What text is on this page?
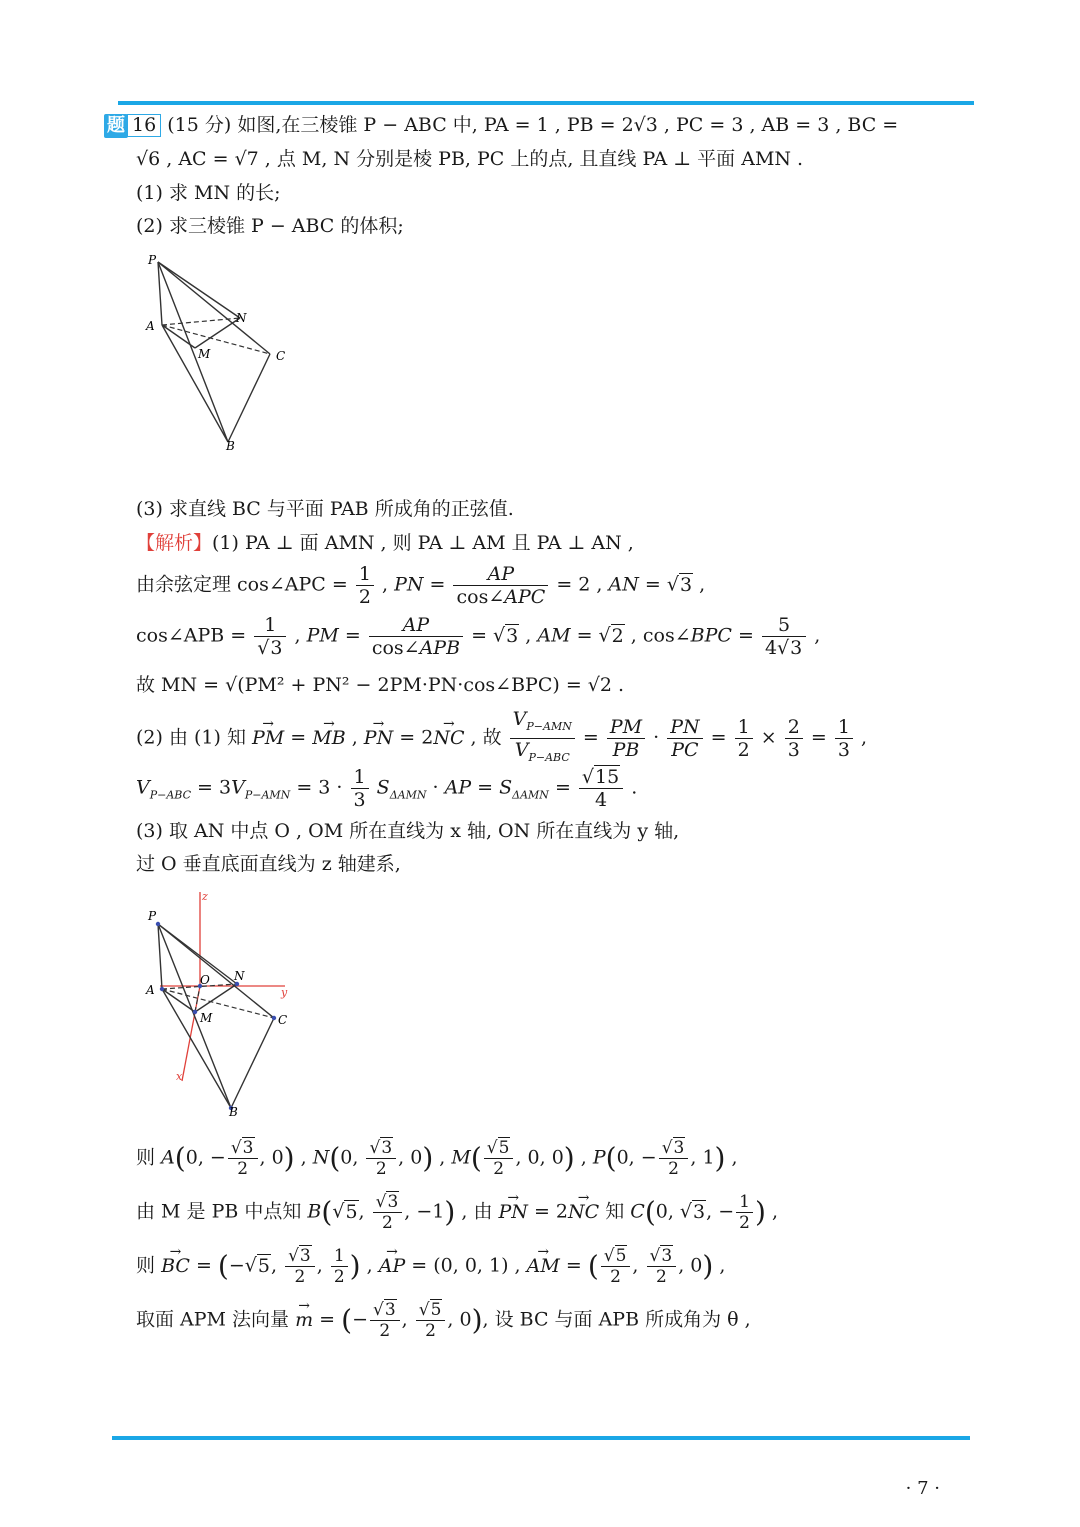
题 16 (15 分) 如图,在三棱锥 P − ABC 中, PA = 1 , PB = 2√3 , PC = 3 , AB = 3 , BC =
√6 , AC = √7 , 点 M, N 分别是棱 PB, PC 上的点, 且直线 PA ⊥ 平面 AMN .
(1) 求 MN 的长;
(2) 求三棱锥 P − ABC 的体积;
P
A
N
M	C
B
(3) 求直线 BC 与平面 PAB 所成角的正弦值.
【解析】(1) PA ⊥ 面 AMN , 则 PA ⊥ AM 且 PA ⊥ AN ,
由余弦定理 cos∠APC = $\frac{1}{2}$ , PN = $\frac{AP}{\text{cos∠APC}} = 2$ , AN = √3 ,
cos∠APB = $\frac{1}{√3}$ , PM = $\frac{AP}{\text{cos∠APB}} = √3$ , AM = √2 , cos∠BPC = $\frac{5}{4√3}$ ,
故 MN = √(PM² + PN² − 2PM·PN·cos∠BPC) = √2 .
(2) 由 (1) 知 → PM = → MB , → PN = 2→ NC , 故 $\frac{V_{P-AMN}}{V_{P-ABC}} = \frac{PM}{PB} \cdot \frac{PN}{PC} = \frac{1}{2} \times \frac{2}{3} = \frac{1}{3}$ ,
$V_{P-ABC} = 3V_{P-AMN} = 3 \cdot \frac{1}{3} S_{\Delta AMN}$ · AP = $S_{\Delta AMN} = \frac{√15}{4}$ .
(3) 取 AN 中点 O , OM 所在直线为 x 轴, ON 所在直线为 y 轴,
过 O 垂直底面直线为 z 轴建系,
P
A
O N
M	C
B
z
y
x
则 A(0, − $\frac{√3}{2}$ , 0) , N(0, $\frac{√3}{2}$ , 0) , $M( \frac{√5}{2}$ , 0, 0) , P(0, − $\frac{√3}{2}$ , 1) ,
由 M 是 PB 中点知 B(√5, $\frac{√3}{2}$ , −1) , 由 → PN = 2→ NC 知 C(0, √3, − $\frac{1}{2}$ ) ,
则 → BC = (−√5, $\frac{√3}{2}$ , $\frac{1}{2}$ ) , → AP = (0, 0, 1) , → AM = ( $\frac{√5}{2}$ , $\frac{√3}{2}$ , 0) ,
取面 APM 法向量 → m = (− $\frac{√3}{2}$ , $\frac{√5}{2}$ , 0), 设 BC 与面 APB 所成角为 θ ,
· 7 ·
